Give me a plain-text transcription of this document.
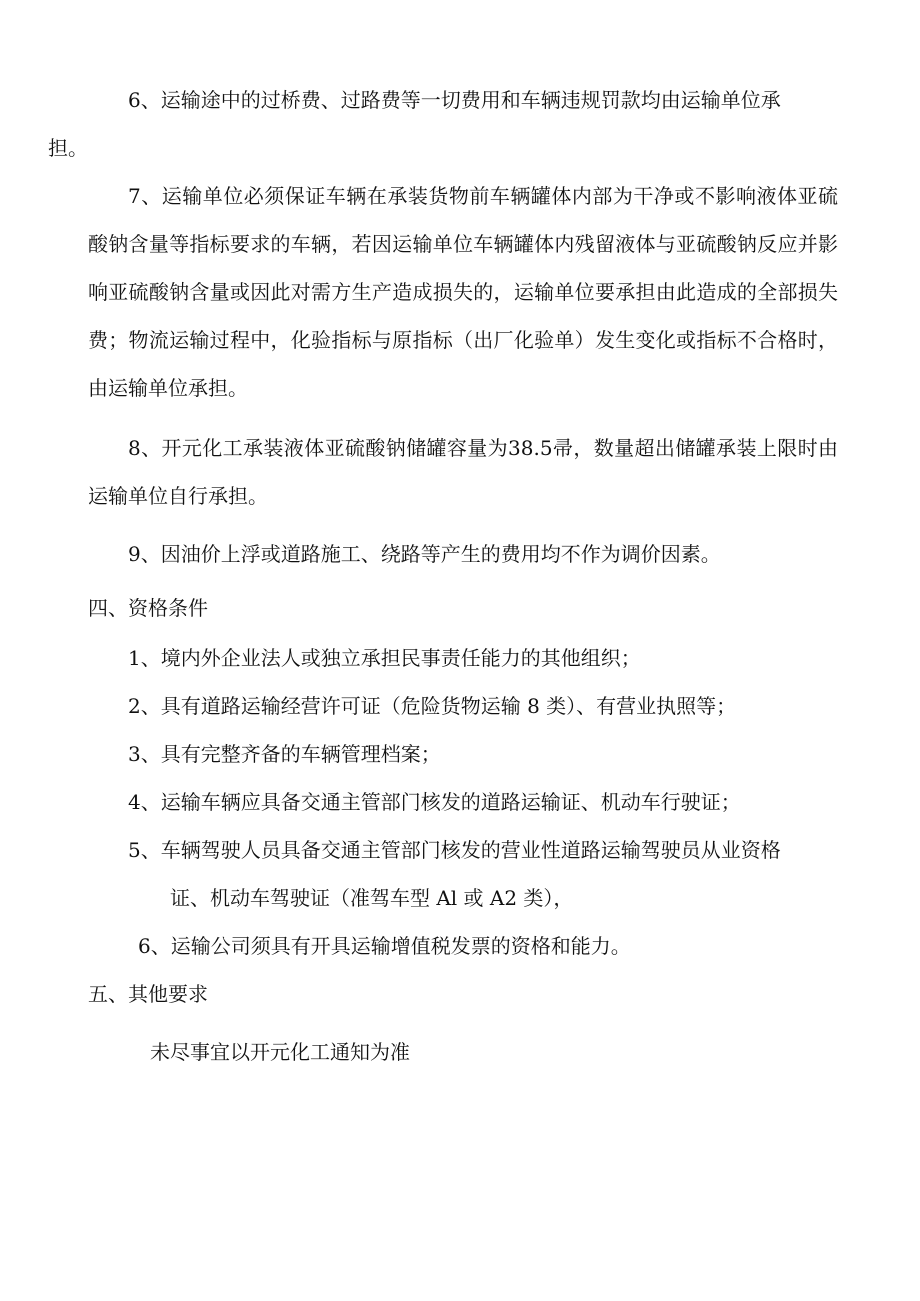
6、运输途中的过桥费、过路费等一切费用和车辆违规罚款均由运输单位承
担。

7、运输单位必须保证车辆在承装货物前车辆罐体内部为干净或不影响液体亚硫酸钠含量等指标要求的车辆，若因运输单位车辆罐体内残留液体与亚硫酸钠反应并影响亚硫酸钠含量或因此对需方生产造成损失的，运输单位要承担由此造成的全部损失费；物流运输过程中，化验指标与原指标（出厂化验单）发生变化或指标不合格时，由运输单位承担。

8、开元化工承装液体亚硫酸钠储罐容量为38.5帚，数量超出储罐承装上限时由运输单位自行承担。

9、因油价上浮或道路施工、绕路等产生的费用均不作为调价因素。

四、资格条件

1、境内外企业法人或独立承担民事责任能力的其他组织；

2、具有道路运输经营许可证（危险货物运输 8 类）、有营业执照等；

3、具有完整齐备的车辆管理档案；

4、运输车辆应具备交通主管部门核发的道路运输证、机动车行驶证；

5、车辆驾驶人员具备交通主管部门核发的营业性道路运输驾驶员从业资格
证、机动车驾驶证（准驾车型 Al 或 A2 类），

6、运输公司须具有开具运输增值税发票的资格和能力。

五、其他要求

未尽事宜以开元化工通知为准
